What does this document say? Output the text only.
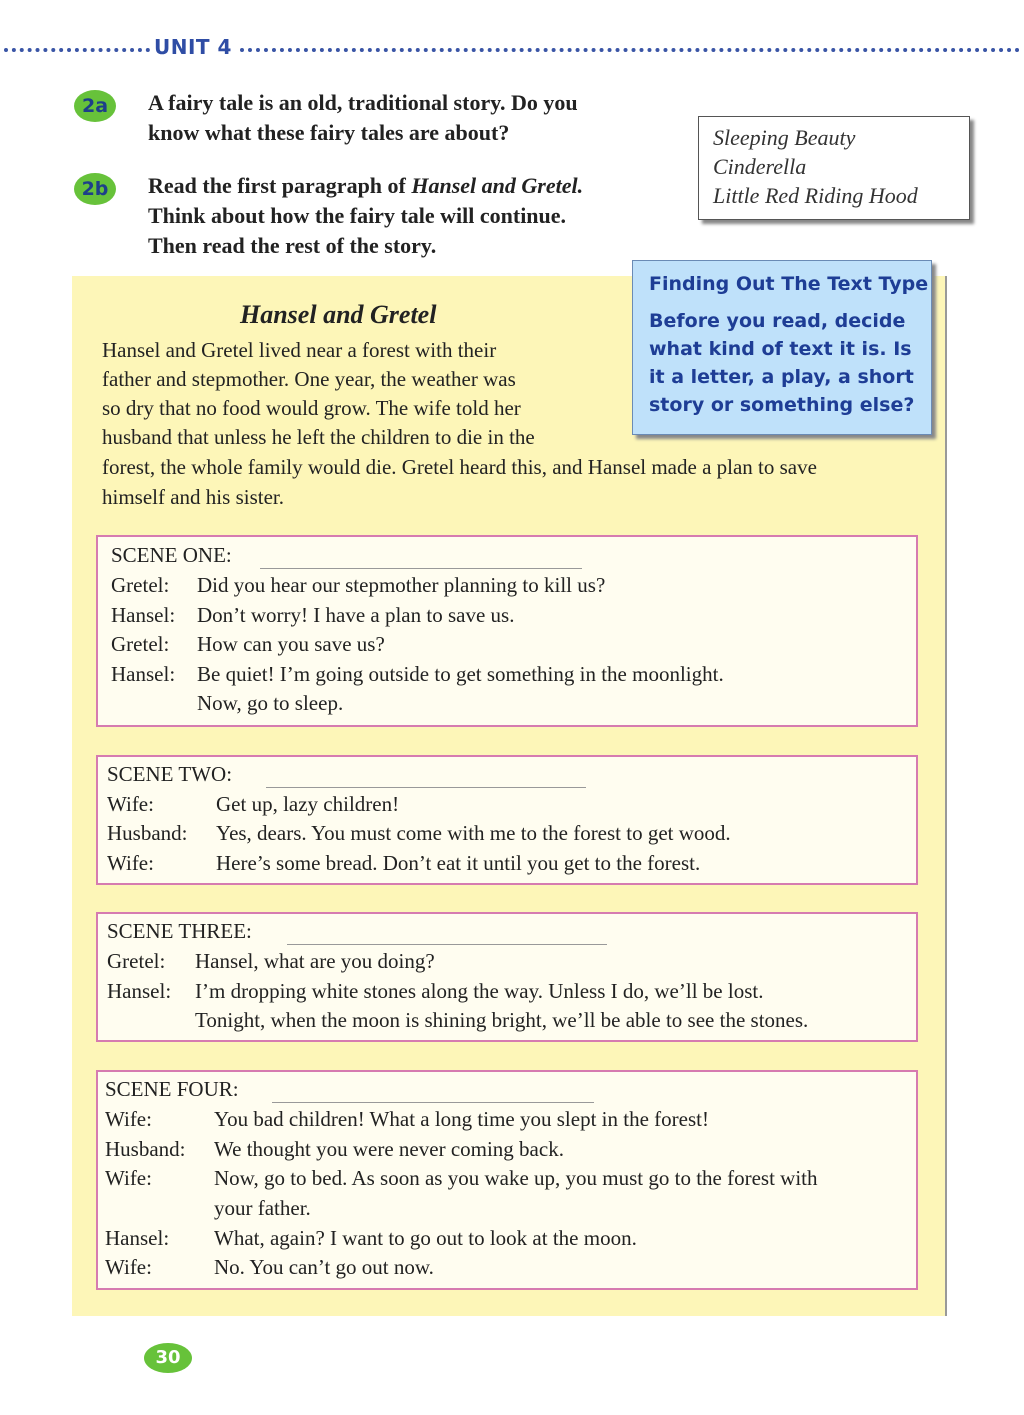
UNIT 4
2a	A fairy tale is an old, traditional story. Do you
know what these fairy tales are about?
2b	Read the first paragraph of Hansel and Gretel.
Think about how the fairy tale will continue.
Then read the rest of the story.
Sleeping Beauty
Cinderella
Little Red Riding Hood
Finding Out The Text Type
Before you read, decide
what kind of text it is. Is
it a letter, a play, a short
story or something else?
Hansel and Gretel
Hansel and Gretel lived near a forest with their
father and stepmother. One year, the weather was
so dry that no food would grow. The wife told her
husband that unless he left the children to die in the
forest, the whole family would die. Gretel heard this, and Hansel made a plan to save
himself and his sister.
SCENE ONE:
Gretel: Did you hear our stepmother planning to kill us?
Hansel: Don’t worry! I have a plan to save us.
Gretel: How can you save us?
Hansel: Be quiet! I’m going outside to get something in the moonlight.
Now, go to sleep.
SCENE TWO:
Wife:	Get up, lazy children!
Husband: Yes, dears. You must come with me to the forest to get wood.
Wife:	Here’s some bread. Don’t eat it until you get to the forest.
SCENE THREE:
Gretel: Hansel, what are you doing?
Hansel: I’m dropping white stones along the way. Unless I do, we’ll be lost.
Tonight, when the moon is shining bright, we’ll be able to see the stones.
SCENE FOUR:
Wife:	You bad children! What a long time you slept in the forest!
Husband: We thought you were never coming back.
Wife:	Now, go to bed. As soon as you wake up, you must go to the forest with
your father.
Hansel: What, again? I want to go out to look at the moon.
Wife:	No. You can’t go out now.
30
